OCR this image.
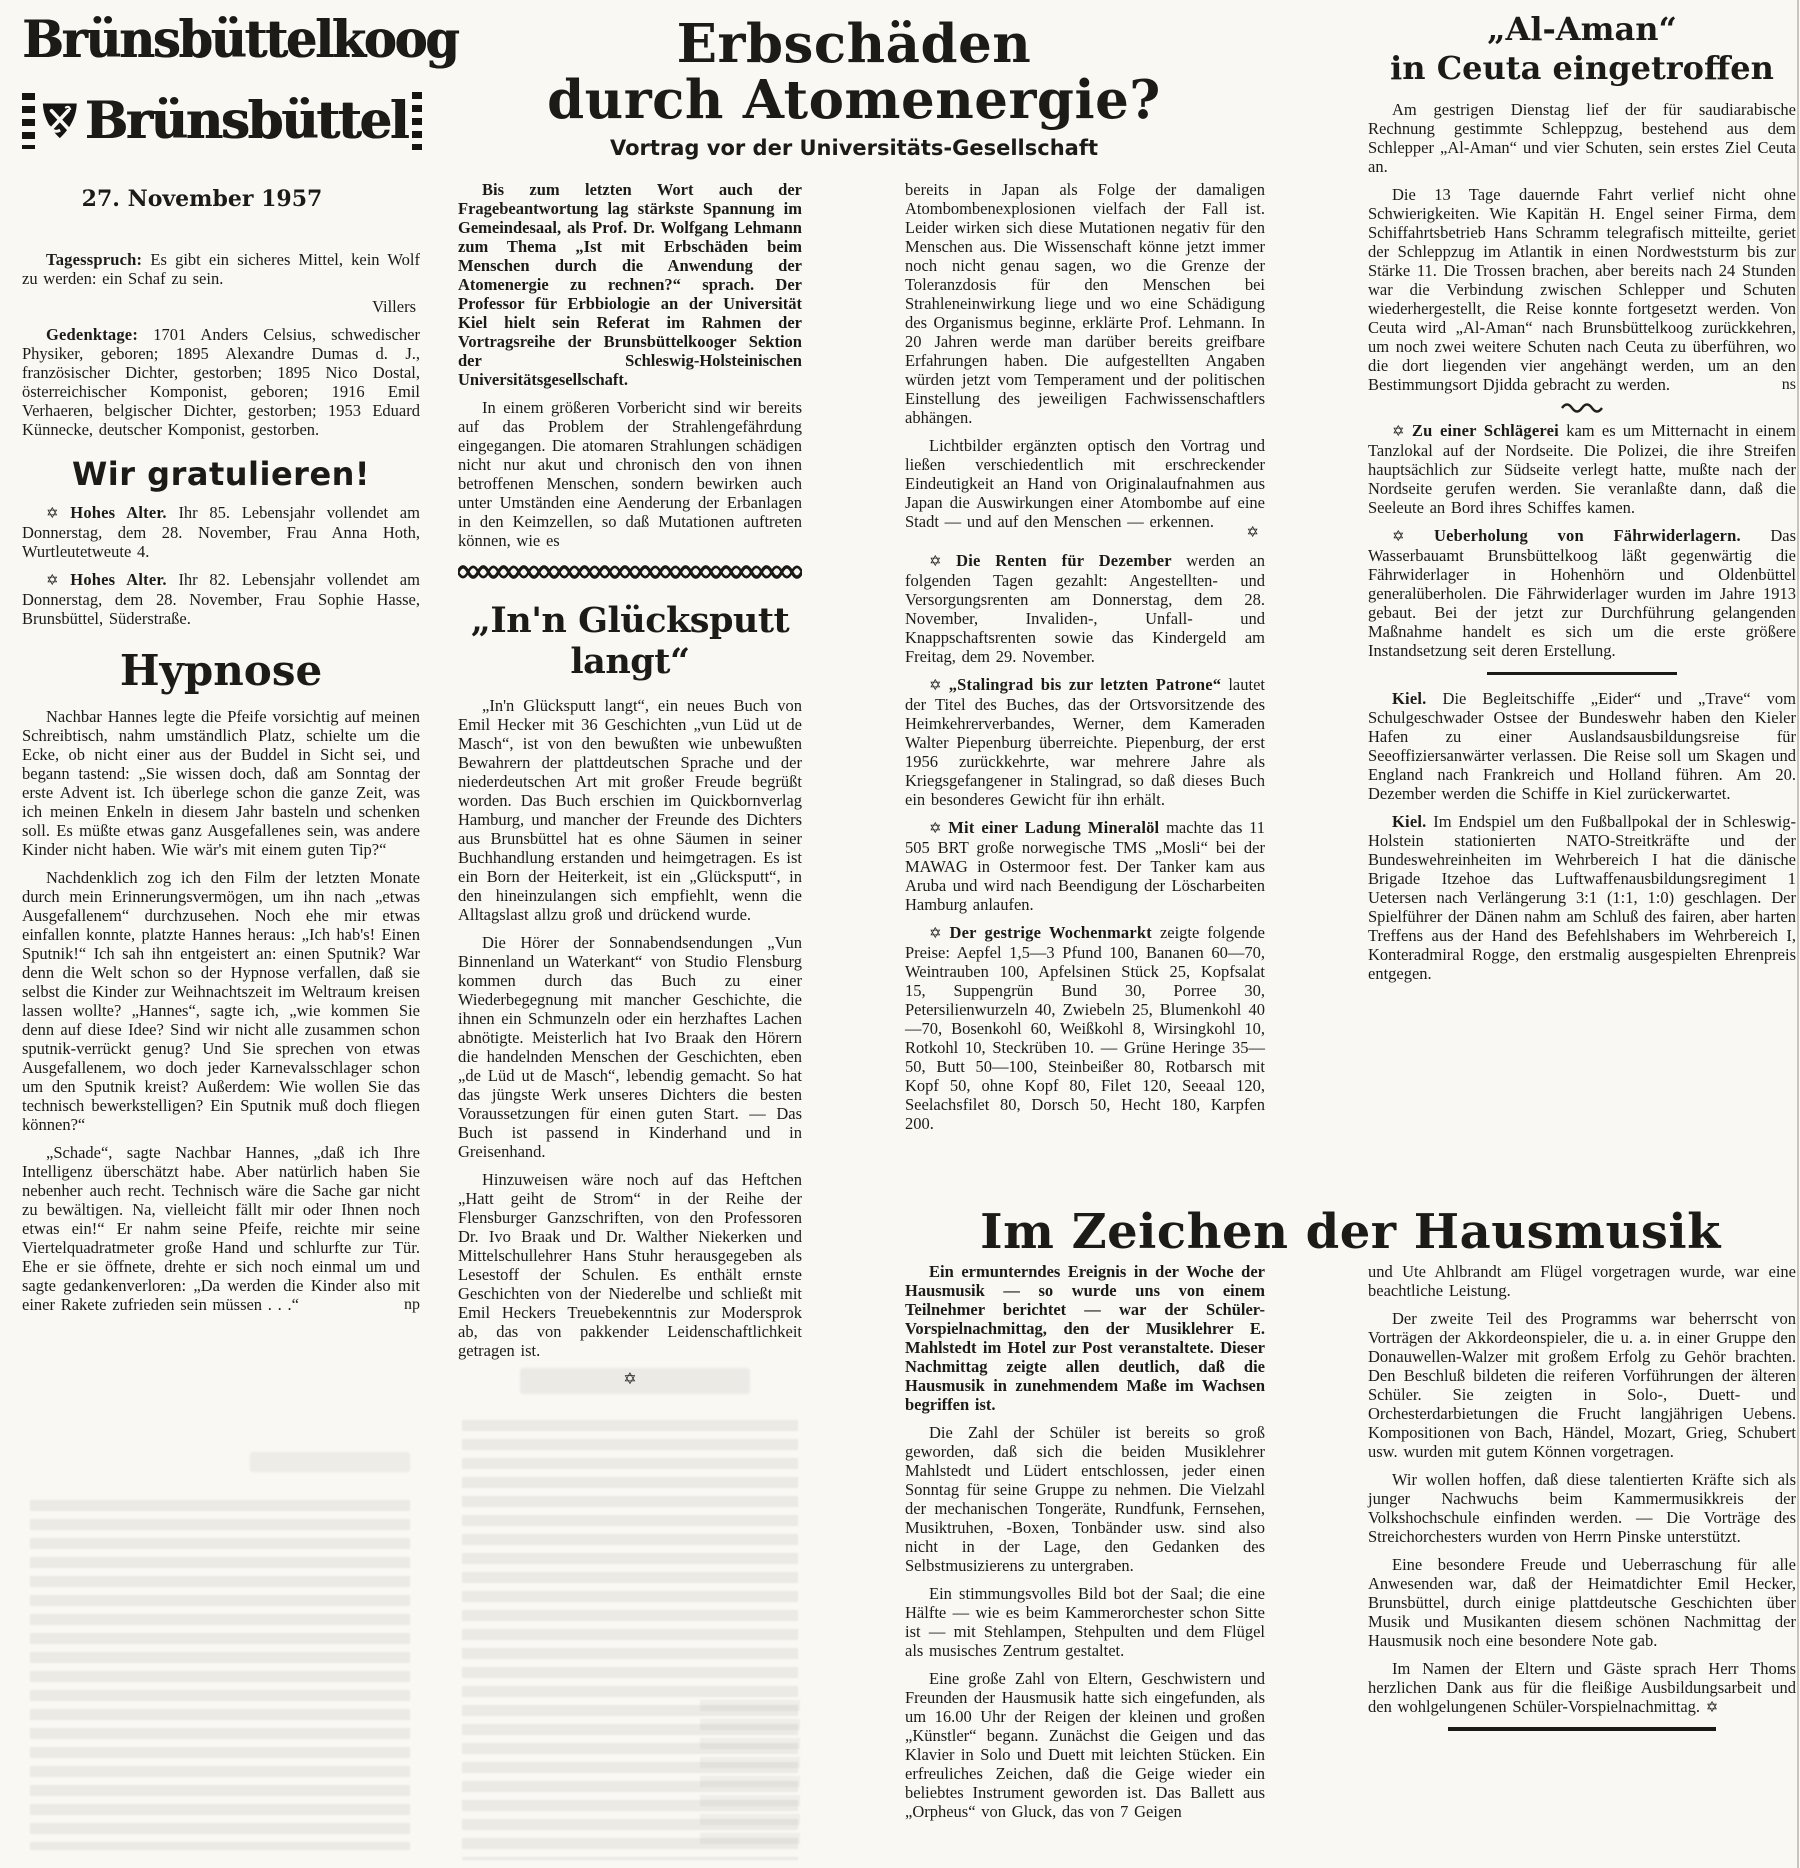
Brünsbüttelkoog
Brünsbüttel
27. November 1957

Tagesspruch: Es gibt ein sicheres Mittel, kein Wolf zu werden: ein Schaf zu sein.

Villers

Gedenktage: 1701 Anders Celsius, schwedischer Physiker, geboren; 1895 Alexandre Dumas d. J., französischer Dichter, gestorben; 1895 Nico Dostal, österreichischer Komponist, geboren; 1916 Emil Verhaeren, belgischer Dichter, gestorben; 1953 Eduard Künnecke, deutscher Komponist, gestorben.

Wir gratulieren!

✡ Hohes Alter. Ihr 85. Lebensjahr vollendet am Donnerstag, dem 28. November, Frau Anna Hoth, Wurtleutetweute 4.

✡ Hohes Alter. Ihr 82. Lebensjahr vollendet am Donnerstag, dem 28. November, Frau Sophie Hasse, Brunsbüttel, Süderstraße.

Hypnose

Nachbar Hannes legte die Pfeife vorsichtig auf meinen Schreibtisch, nahm umständlich Platz, schielte um die Ecke, ob nicht einer aus der Buddel in Sicht sei, und begann tastend: „Sie wissen doch, daß am Sonntag der erste Advent ist. Ich überlege schon die ganze Zeit, was ich meinen Enkeln in diesem Jahr basteln und schenken soll. Es müßte etwas ganz Ausgefallenes sein, was andere Kinder nicht haben. Wie wär's mit einem guten Tip?“

Nachdenklich zog ich den Film der letzten Monate durch mein Erinnerungsvermögen, um ihn nach „etwas Ausgefallenem“ durchzusehen. Noch ehe mir etwas einfallen konnte, platzte Hannes heraus: „Ich hab's! Einen Sputnik!“ Ich sah ihn entgeistert an: einen Sputnik? War denn die Welt schon so der Hypnose verfallen, daß sie selbst die Kinder zur Weihnachtszeit im Weltraum kreisen lassen wollte? „Hannes“, sagte ich, „wie kommen Sie denn auf diese Idee? Sind wir nicht alle zusammen schon sputnik-verrückt genug? Und Sie sprechen von etwas Ausgefallenem, wo doch jeder Karnevalsschlager schon um den Sputnik kreist? Außerdem: Wie wollen Sie das technisch bewerkstelligen? Ein Sputnik muß doch fliegen können?“

„Schade“, sagte Nachbar Hannes, „daß ich Ihre Intelligenz überschätzt habe. Aber natürlich haben Sie nebenher auch recht. Technisch wäre die Sache gar nicht zu bewältigen. Na, vielleicht fällt mir oder Ihnen noch etwas ein!“ Er nahm seine Pfeife, reichte mir seine Viertelquadratmeter große Hand und schlurfte zur Tür. Ehe er sie öffnete, drehte er sich noch einmal um und sagte gedankenverloren: „Da werden die Kinder also mit einer Rakete zufrieden sein müssen . . .“	np

Erbschäden
durch Atomenergie?
Vortrag vor der Universitäts-Gesellschaft

Bis zum letzten Wort auch der Fragebeantwortung lag stärkste Spannung im Gemeindesaal, als Prof. Dr. Wolfgang Lehmann zum Thema „Ist mit Erbschäden beim Menschen durch die Anwendung der Atomenergie zu rechnen?“ sprach. Der Professor für Erbbiologie an der Universität Kiel hielt sein Referat im Rahmen der Vortragsreihe der Brunsbüttelkooger Sektion der Schleswig-Holsteinischen Universitätsgesellschaft.

In einem größeren Vorbericht sind wir bereits auf das Problem der Strahlengefährdung eingegangen. Die atomaren Strahlungen schädigen nicht nur akut und chronisch den von ihnen betroffenen Menschen, sondern bewirken auch unter Umständen eine Aenderung der Erbanlagen in den Keimzellen, so daß Mutationen auftreten können, wie es

„In'n Glücksputt langt“

„In'n Glücksputt langt“, ein neues Buch von Emil Hecker mit 36 Geschichten „vun Lüd ut de Masch“, ist von den bewußten wie unbewußten Bewahrern der plattdeutschen Sprache und der niederdeutschen Art mit großer Freude begrüßt worden. Das Buch erschien im Quickbornverlag Hamburg, und mancher der Freunde des Dichters aus Brunsbüttel hat es ohne Säumen in seiner Buchhandlung erstanden und heimgetragen. Es ist ein Born der Heiterkeit, ist ein „Glücksputt“, in den hineinzulangen sich empfiehlt, wenn die Alltagslast allzu groß und drückend wurde.

Die Hörer der Sonnabendsendungen „Vun Binnenland un Waterkant“ von Studio Flensburg kommen durch das Buch zu einer Wiederbegegnung mit mancher Geschichte, die ihnen ein Schmunzeln oder ein herzhaftes Lachen abnötigte. Meisterlich hat Ivo Braak den Hörern die handelnden Menschen der Geschichten, eben „de Lüd ut de Masch“, lebendig gemacht. So hat das jüngste Werk unseres Dichters die besten Voraussetzungen für einen guten Start. — Das Buch ist passend in Kinderhand und in Greisenhand.

Hinzuweisen wäre noch auf das Heftchen „Hatt geiht de Strom“ in der Reihe der Flensburger Ganzschriften, von den Professoren Dr. Ivo Braak und Dr. Walther Niekerken und Mittelschullehrer Hans Stuhr herausgegeben als Lesestoff der Schulen. Es enthält ernste Geschichten von der Niederelbe und schließt mit Emil Heckers Treuebekenntnis zur Modersprok ab, das von pakkender Leidenschaftlichkeit getragen ist.

✡

bereits in Japan als Folge der damaligen Atombombenexplosionen vielfach der Fall ist. Leider wirken sich diese Mutationen negativ für den Menschen aus. Die Wissenschaft könne jetzt immer noch nicht genau sagen, wo die Grenze der Toleranzdosis für den Menschen bei Strahleneinwirkung liege und wo eine Schädigung des Organismus beginne, erklärte Prof. Lehmann. In 20 Jahren werde man darüber bereits greifbare Erfahrungen haben. Die aufgestellten Angaben würden jetzt vom Temperament und der politischen Einstellung des jeweiligen Fachwissenschaftlers abhängen.

Lichtbilder ergänzten optisch den Vortrag und ließen verschiedentlich mit erschreckender Eindeutigkeit an Hand von Originalaufnahmen aus Japan die Auswirkungen einer Atombombe auf eine Stadt — und auf den Menschen — erkennen.

✡

✡ Die Renten für Dezember werden an folgenden Tagen gezahlt: Angestellten- und Versorgungsrenten am Donnerstag, dem 28. November, Invaliden-, Unfall- und Knappschaftsrenten sowie das Kindergeld am Freitag, dem 29. November.

✡ „Stalingrad bis zur letzten Patrone“ lautet der Titel des Buches, das der Ortsvorsitzende des Heimkehrerverbandes, Werner, dem Kameraden Walter Piepenburg überreichte. Piepenburg, der erst 1956 zurückkehrte, war mehrere Jahre als Kriegsgefangener in Stalingrad, so daß dieses Buch ein besonderes Gewicht für ihn erhält.

✡ Mit einer Ladung Mineralöl machte das 11 505 BRT große norwegische TMS „Mosli“ bei der MAWAG in Ostermoor fest. Der Tanker kam aus Aruba und wird nach Beendigung der Löscharbeiten Hamburg anlaufen.

✡ Der gestrige Wochenmarkt zeigte folgende Preise: Aepfel 1,5—3 Pfund 100, Bananen 60—70, Weintrauben 100, Apfelsinen Stück 25, Kopfsalat 15, Suppengrün Bund 30, Porree 30, Petersilienwurzeln 40, Zwiebeln 25, Blumenkohl 40—70, Bosenkohl 60, Weißkohl 8, Wirsingkohl 10, Rotkohl 10, Steckrüben 10. — Grüne Heringe 35—50, Butt 50—100, Steinbeißer 80, Rotbarsch mit Kopf 50, ohne Kopf 80, Filet 120, Seeaal 120, Seelachsfilet 80, Dorsch 50, Hecht 180, Karpfen 200.

„Al-Aman“
in Ceuta eingetroffen

Am gestrigen Dienstag lief der für saudiarabische Rechnung gestimmte Schleppzug, bestehend aus dem Schlepper „Al-Aman“ und vier Schuten, sein erstes Ziel Ceuta an.

Die 13 Tage dauernde Fahrt verlief nicht ohne Schwierigkeiten. Wie Kapitän H. Engel seiner Firma, dem Schiffahrtsbetrieb Hans Schramm telegrafisch mitteilte, geriet der Schleppzug im Atlantik in einen Nordweststurm bis zur Stärke 11. Die Trossen brachen, aber bereits nach 24 Stunden war die Verbindung zwischen Schlepper und Schuten wiederhergestellt, die Reise konnte fortgesetzt werden. Von Ceuta wird „Al-Aman“ nach Brunsbüttelkoog zurückkehren, um noch zwei weitere Schuten nach Ceuta zu überführen, wo die dort liegenden vier angehängt werden, um an den Bestimmungsort Djidda gebracht zu werden.	ns

✡ Zu einer Schlägerei kam es um Mitternacht in einem Tanzlokal auf der Nordseite. Die Polizei, die ihre Streifen hauptsächlich zur Südseite verlegt hatte, mußte nach der Nordseite gerufen werden. Sie veranlaßte dann, daß die Seeleute an Bord ihres Schiffes kamen.

✡ Ueberholung von Fährwiderlagern. Das Wasserbauamt Brunsbüttelkoog läßt gegenwärtig die Fährwiderlager in Hohenhörn und Oldenbüttel generalüberholen. Die Fährwiderlager wurden im Jahre 1913 gebaut. Bei der jetzt zur Durchführung gelangenden Maßnahme handelt es sich um die erste größere Instandsetzung seit deren Erstellung.

Kiel. Die Begleitschiffe „Eider“ und „Trave“ vom Schulgeschwader Ostsee der Bundeswehr haben den Kieler Hafen zu einer Auslandsausbildungsreise für Seeoffiziersanwärter verlassen. Die Reise soll um Skagen und England nach Frankreich und Holland führen. Am 20. Dezember werden die Schiffe in Kiel zurückerwartet.

Kiel. Im Endspiel um den Fußballpokal der in Schleswig-Holstein stationierten NATO-Streitkräfte und der Bundeswehreinheiten im Wehrbereich I hat die dänische Brigade Itzehoe das Luftwaffenausbildungsregiment 1 Uetersen nach Verlängerung 3:1 (1:1, 1:0) geschlagen. Der Spielführer der Dänen nahm am Schluß des fairen, aber harten Treffens aus der Hand des Befehlshabers im Wehrbereich I, Konteradmiral Rogge, den erstmalig ausgespielten Ehrenpreis entgegen.

Im Zeichen der Hausmusik

Ein ermunterndes Ereignis in der Woche der Hausmusik — so wurde uns von einem Teilnehmer berichtet — war der Schüler-Vorspielnachmittag, den der Musiklehrer E. Mahlstedt im Hotel zur Post veranstaltete. Dieser Nachmittag zeigte allen deutlich, daß die Hausmusik in zunehmendem Maße im Wachsen begriffen ist.

Die Zahl der Schüler ist bereits so groß geworden, daß sich die beiden Musiklehrer Mahlstedt und Lüdert entschlossen, jeder einen Sonntag für seine Gruppe zu nehmen. Die Vielzahl der mechanischen Tongeräte, Rundfunk, Fernsehen, Musiktruhen, -Boxen, Tonbänder usw. sind also nicht in der Lage, den Gedanken des Selbstmusizierens zu untergraben.

Ein stimmungsvolles Bild bot der Saal; die eine Hälfte — wie es beim Kammerorchester schon Sitte ist — mit Stehlampen, Stehpulten und dem Flügel als musisches Zentrum gestaltet.

Eine große Zahl von Eltern, Geschwistern und Freunden der Hausmusik hatte sich eingefunden, als um 16.00 Uhr der Reigen der kleinen und großen „Künstler“ begann. Zunächst die Geigen und das Klavier in Solo und Duett mit leichten Stücken. Ein erfreuliches Zeichen, daß die Geige wieder ein beliebtes Instrument geworden ist. Das Ballett aus „Orpheus“ von Gluck, das von 7 Geigen

und Ute Ahlbrandt am Flügel vorgetragen wurde, war eine beachtliche Leistung.

Der zweite Teil des Programms war beherrscht von Vorträgen der Akkordeonspieler, die u. a. in einer Gruppe den Donauwellen-Walzer mit großem Erfolg zu Gehör brachten. Den Beschluß bildeten die reiferen Vorführungen der älteren Schüler. Sie zeigten in Solo-, Duett- und Orchesterdarbietungen die Frucht langjährigen Uebens. Kompositionen von Bach, Händel, Mozart, Grieg, Schubert usw. wurden mit gutem Können vorgetragen.

Wir wollen hoffen, daß diese talentierten Kräfte sich als junger Nachwuchs beim Kammermusikkreis der Volkshochschule einfinden werden. — Die Vorträge des Streichorchesters wurden von Herrn Pinske unterstützt.

Eine besondere Freude und Ueberraschung für alle Anwesenden war, daß der Heimatdichter Emil Hecker, Brunsbüttel, durch einige plattdeutsche Geschichten über Musik und Musikanten diesem schönen Nachmittag der Hausmusik noch eine besondere Note gab.

Im Namen der Eltern und Gäste sprach Herr Thoms herzlichen Dank aus für die fleißige Ausbildungsarbeit und den wohlgelungenen Schüler-Vorspielnachmittag. ✡
